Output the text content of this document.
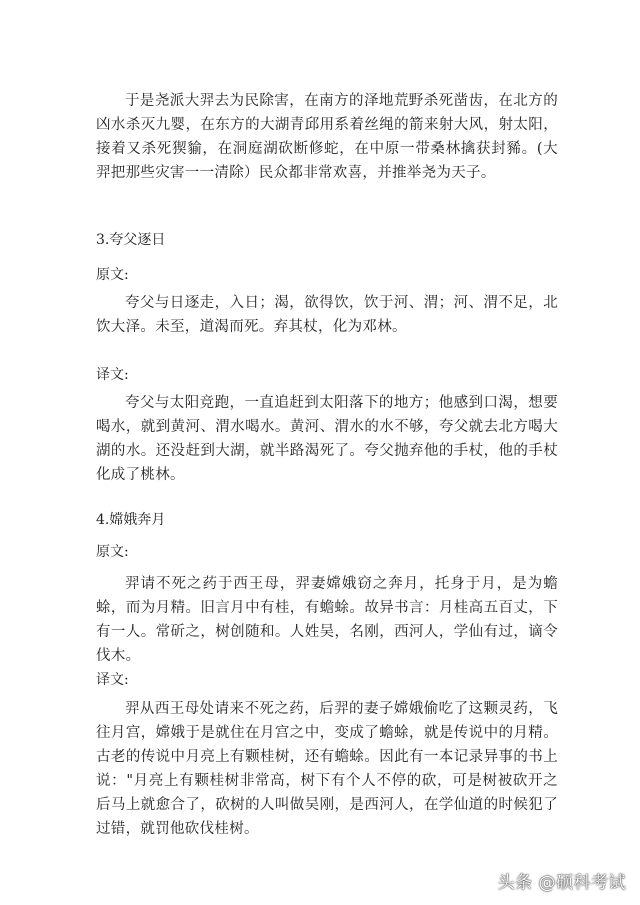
于是尧派大羿去为民除害，在南方的泽地荒野杀死凿齿，在北方的凶水杀灭九婴，在东方的大湖青邱用系着丝绳的箭来射大风，射太阳，接着又杀死猰貐，在洞庭湖砍断修蛇，在中原一带桑林擒获封豨。(大羿把那些灾害一一清除）民众都非常欢喜，并推举尧为天子。

3.夸父逐日

原文:

夸父与日逐走，入日；渴，欲得饮，饮于河、渭；河、渭不足，北饮大泽。未至，道渴而死。弃其杖，化为邓林。

译文:

夸父与太阳竞跑，一直追赶到太阳落下的地方；他感到口渴，想要喝水，就到黄河、渭水喝水。黄河、渭水的水不够，夸父就去北方喝大湖的水。还没赶到大湖，就半路渴死了。夸父抛弃他的手杖，他的手杖化成了桃林。

4.嫦娥奔月

原文:

羿请不死之药于西王母，羿妻嫦娥窃之奔月，托身于月，是为蟾蜍，而为月精。旧言月中有桂，有蟾蜍。故异书言：月桂高五百丈，下有一人。常斫之，树创随和。人姓吴，名刚，西河人，学仙有过，谪令伐木。

译文:

羿从西王母处请来不死之药，后羿的妻子嫦娥偷吃了这颗灵药，飞往月宫，嫦娥于是就住在月宫之中，变成了蟾蜍，就是传说中的月精。古老的传说中月亮上有颗桂树，还有蟾蜍。因此有一本记录异事的书上说："月亮上有颗桂树非常高，树下有个人不停的砍，可是树被砍开之后马上就愈合了，砍树的人叫做吴刚，是西河人，在学仙道的时候犯了过错，就罚他砍伐桂树。

头条 @硕科考试
